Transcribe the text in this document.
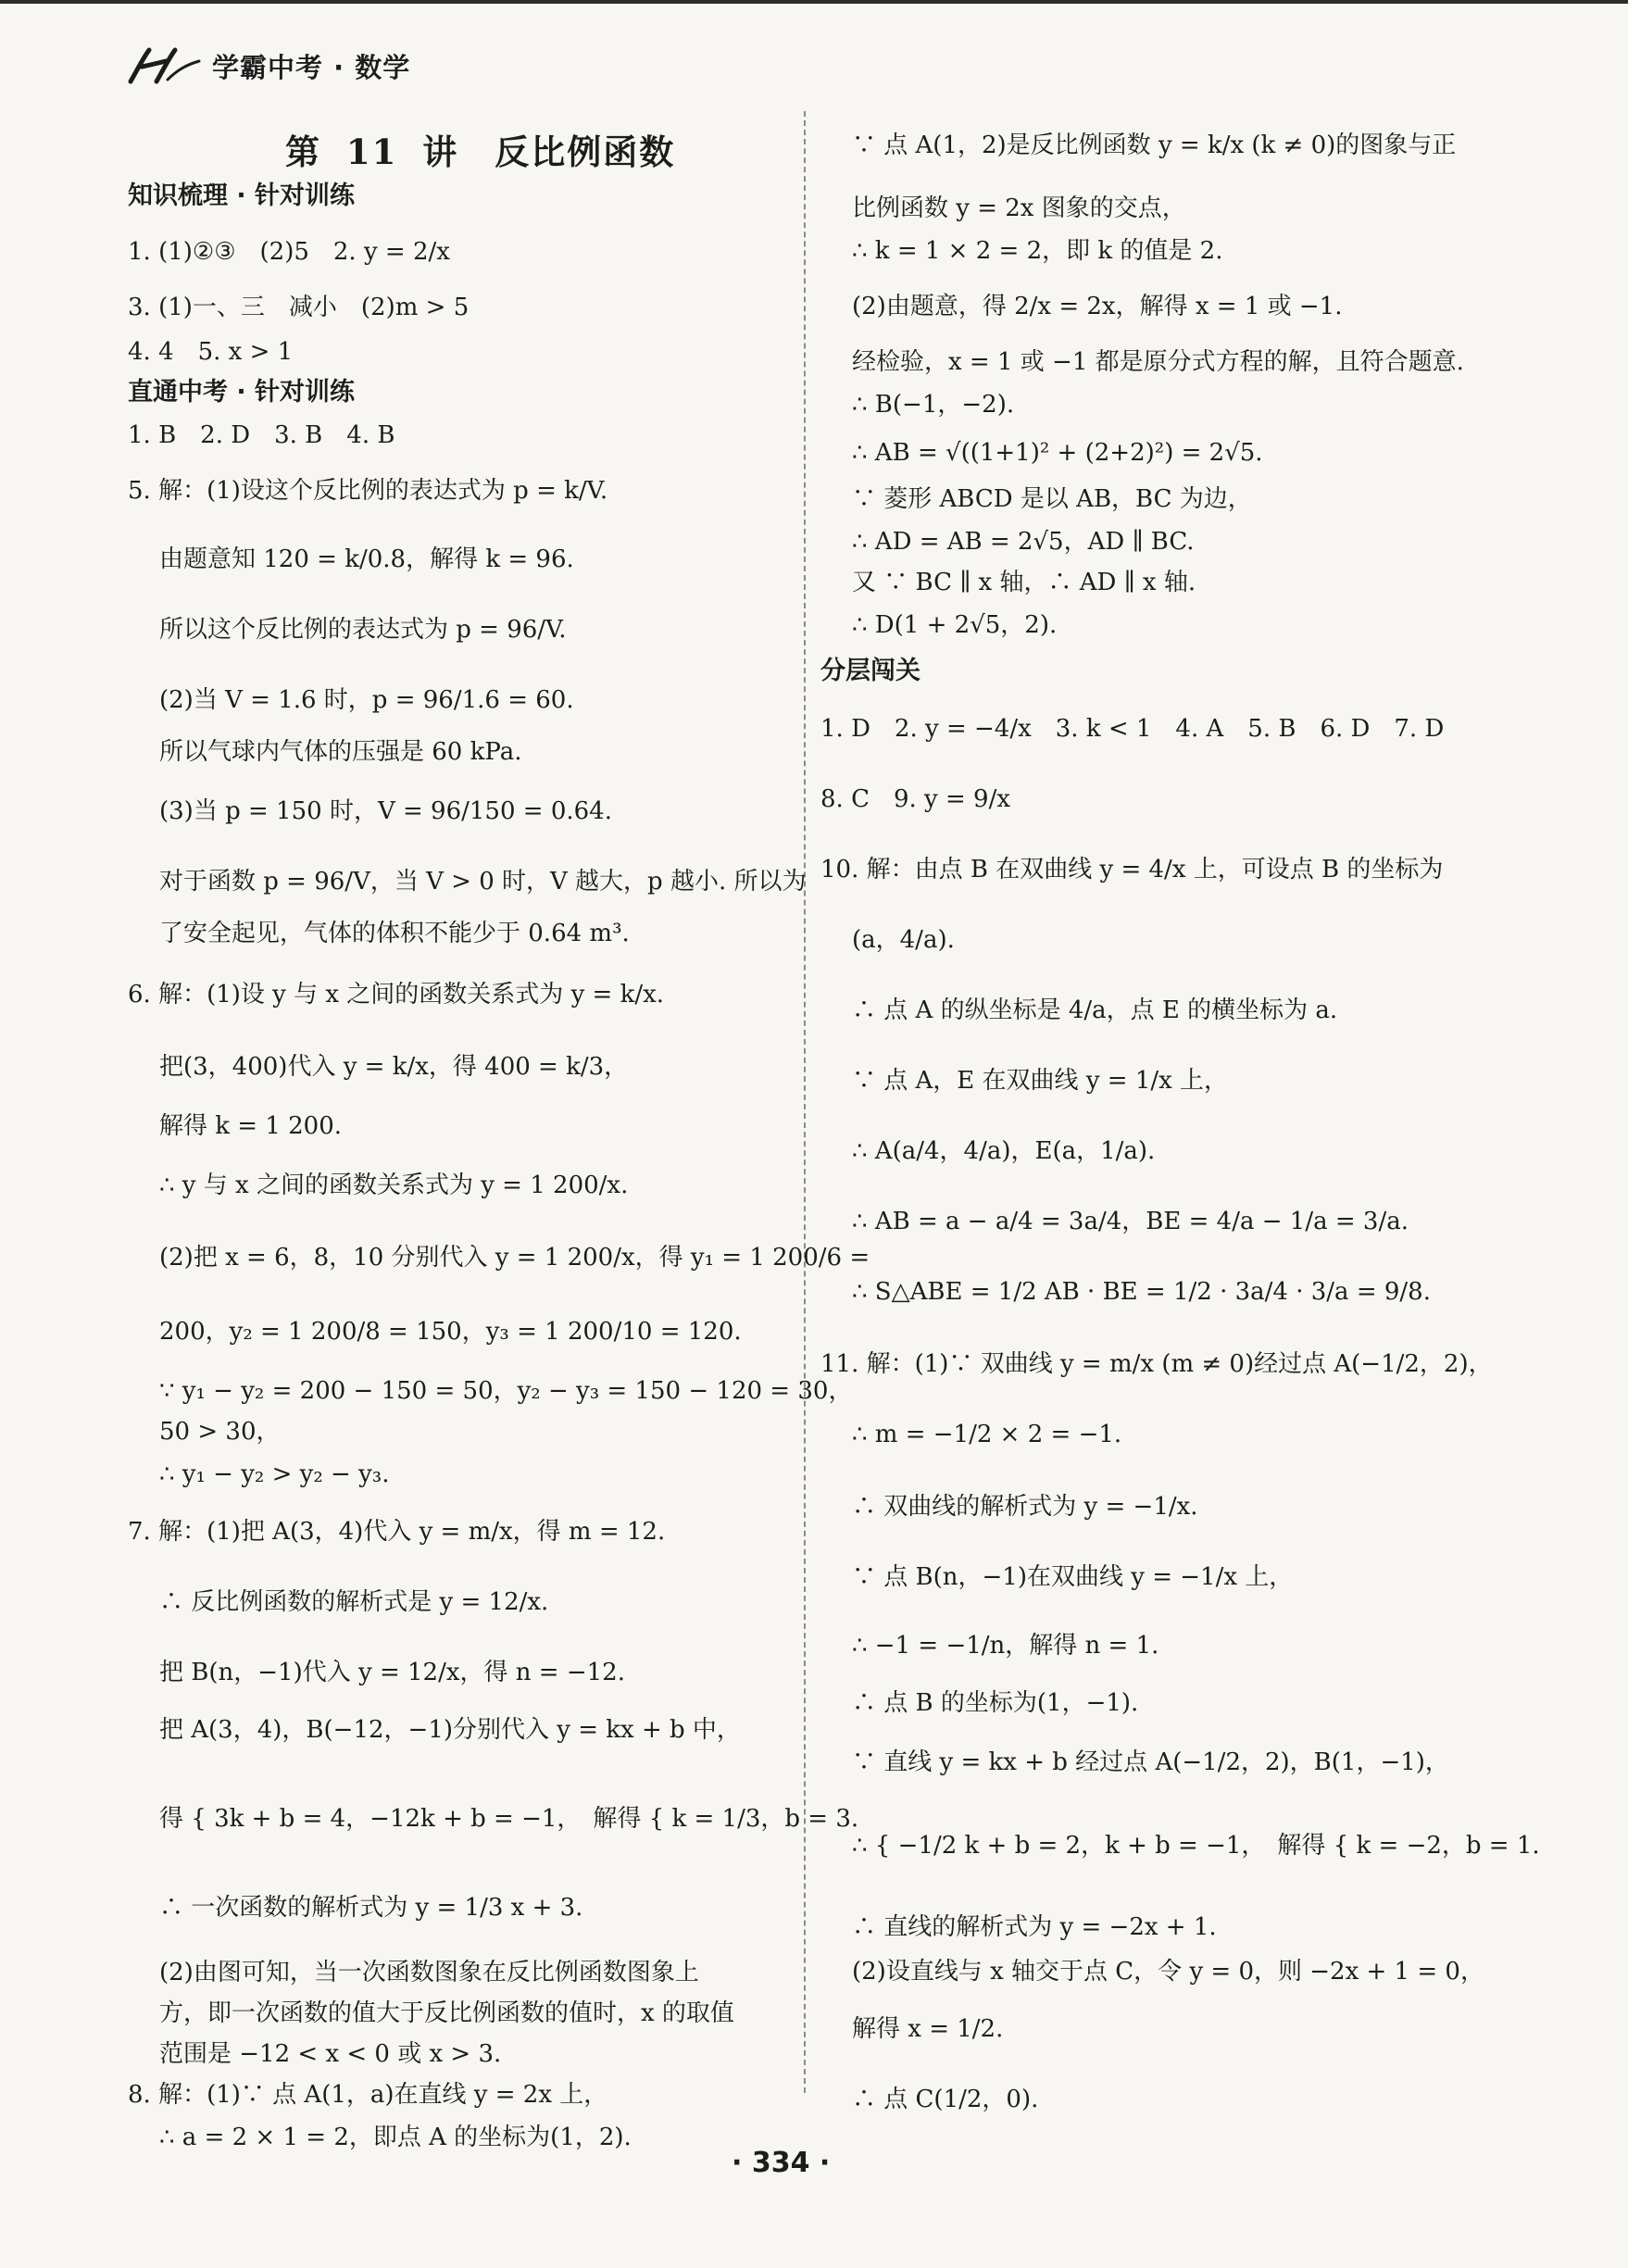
学霸中考 · 数学
第 11 讲　反比例函数
知识梳理 · 针对训练
1. (1)②③　(2)5　2. y = 2/x
3. (1)一、三　减小　(2)m > 5
4. 4　5. x > 1
直通中考 · 针对训练
1. B　2. D　3. B　4. B
5. 解：(1)设这个反比例的表达式为 p = k/V.
由题意知 120 = k/0.8，解得 k = 96.
所以这个反比例的表达式为 p = 96/V.
(2)当 V = 1.6 时，p = 96/1.6 = 60.
所以气球内气体的压强是 60 kPa.
(3)当 p = 150 时，V = 96/150 = 0.64.
对于函数 p = 96/V，当 V > 0 时，V 越大，p 越小. 所以为
了安全起见，气体的体积不能少于 0.64 m³.
6. 解：(1)设 y 与 x 之间的函数关系式为 y = k/x.
把(3，400)代入 y = k/x，得 400 = k/3，
解得 k = 1 200.
∴ y 与 x 之间的函数关系式为 y = 1 200/x.
(2)把 x = 6，8，10 分别代入 y = 1 200/x，得 y₁ = 1 200/6 =
200，y₂ = 1 200/8 = 150，y₃ = 1 200/10 = 120.
∵ y₁ − y₂ = 200 − 150 = 50，y₂ − y₃ = 150 − 120 = 30，
50 > 30，
∴ y₁ − y₂ > y₂ − y₃.
7. 解：(1)把 A(3，4)代入 y = m/x，得 m = 12.
∴ 反比例函数的解析式是 y = 12/x.
把 B(n，−1)代入 y = 12/x，得 n = −12.
把 A(3，4)，B(−12，−1)分别代入 y = kx + b 中，
得 { 3k + b = 4，−12k + b = −1，　解得 { k = 1/3，b = 3.
∴ 一次函数的解析式为 y = 1/3 x + 3.
(2)由图可知，当一次函数图象在反比例函数图象上
方，即一次函数的值大于反比例函数的值时，x 的取值
范围是 −12 < x < 0 或 x > 3.
8. 解：(1)∵ 点 A(1，a)在直线 y = 2x 上，
∴ a = 2 × 1 = 2，即点 A 的坐标为(1，2).
∵ 点 A(1，2)是反比例函数 y = k/x (k ≠ 0)的图象与正
比例函数 y = 2x 图象的交点，
∴ k = 1 × 2 = 2，即 k 的值是 2.
(2)由题意，得 2/x = 2x，解得 x = 1 或 −1.
经检验，x = 1 或 −1 都是原分式方程的解，且符合题意.
∴ B(−1，−2).
∴ AB = √((1+1)² + (2+2)²) = 2√5.
∵ 菱形 ABCD 是以 AB，BC 为边，
∴ AD = AB = 2√5，AD ∥ BC.
又 ∵ BC ∥ x 轴，∴ AD ∥ x 轴.
∴ D(1 + 2√5，2).
分层闯关
1. D　2. y = −4/x　3. k < 1　4. A　5. B　6. D　7. D
8. C　9. y = 9/x
10. 解：由点 B 在双曲线 y = 4/x 上，可设点 B 的坐标为
(a，4/a).
∴ 点 A 的纵坐标是 4/a，点 E 的横坐标为 a.
∵ 点 A，E 在双曲线 y = 1/x 上，
∴ A(a/4，4/a)，E(a，1/a).
∴ AB = a − a/4 = 3a/4，BE = 4/a − 1/a = 3/a.
∴ S△ABE = 1/2 AB · BE = 1/2 · 3a/4 · 3/a = 9/8.
11. 解：(1)∵ 双曲线 y = m/x (m ≠ 0)经过点 A(−1/2，2)，
∴ m = −1/2 × 2 = −1.
∴ 双曲线的解析式为 y = −1/x.
∵ 点 B(n，−1)在双曲线 y = −1/x 上，
∴ −1 = −1/n，解得 n = 1.
∴ 点 B 的坐标为(1，−1).
∵ 直线 y = kx + b 经过点 A(−1/2，2)，B(1，−1)，
∴ { −1/2 k + b = 2，k + b = −1，　解得 { k = −2，b = 1.
∴ 直线的解析式为 y = −2x + 1.
(2)设直线与 x 轴交于点 C，令 y = 0，则 −2x + 1 = 0，
解得 x = 1/2.
∴ 点 C(1/2，0).
· 334 ·
